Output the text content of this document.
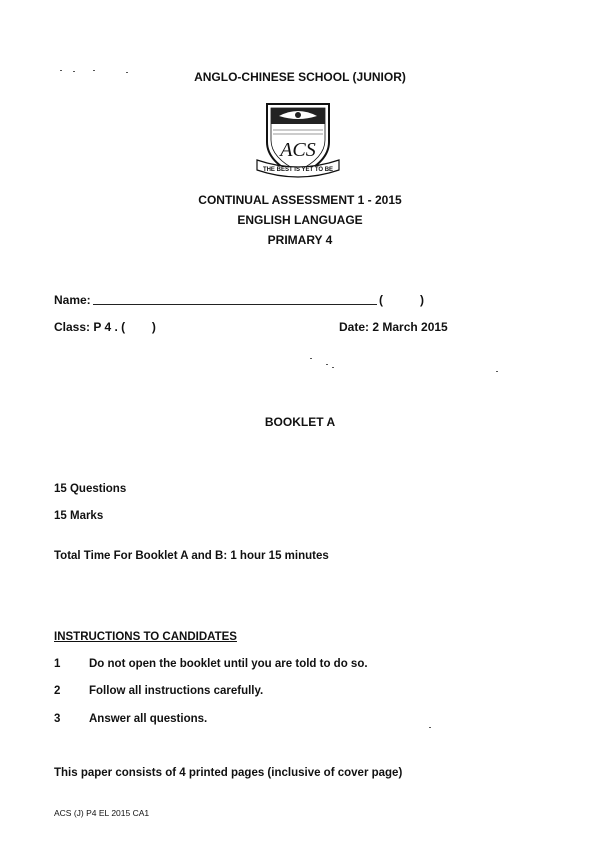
ANGLO-CHINESE SCHOOL (JUNIOR)
ACS
THE BEST IS YET TO BE
CONTINUAL ASSESSMENT 1 - 2015
ENGLISH LANGUAGE
PRIMARY 4
Name:	(	)
Class: P 4 . (        )	Date: 2 March 2015
BOOKLET A
15 Questions
15 Marks
Total Time For Booklet A and B: 1 hour 15 minutes
INSTRUCTIONS TO CANDIDATES
1 Do not open the booklet until you are told to do so.
2 Follow all instructions carefully.
3 Answer all questions.
This paper consists of 4 printed pages (inclusive of cover page)
ACS (J) P4 EL 2015 CA1
